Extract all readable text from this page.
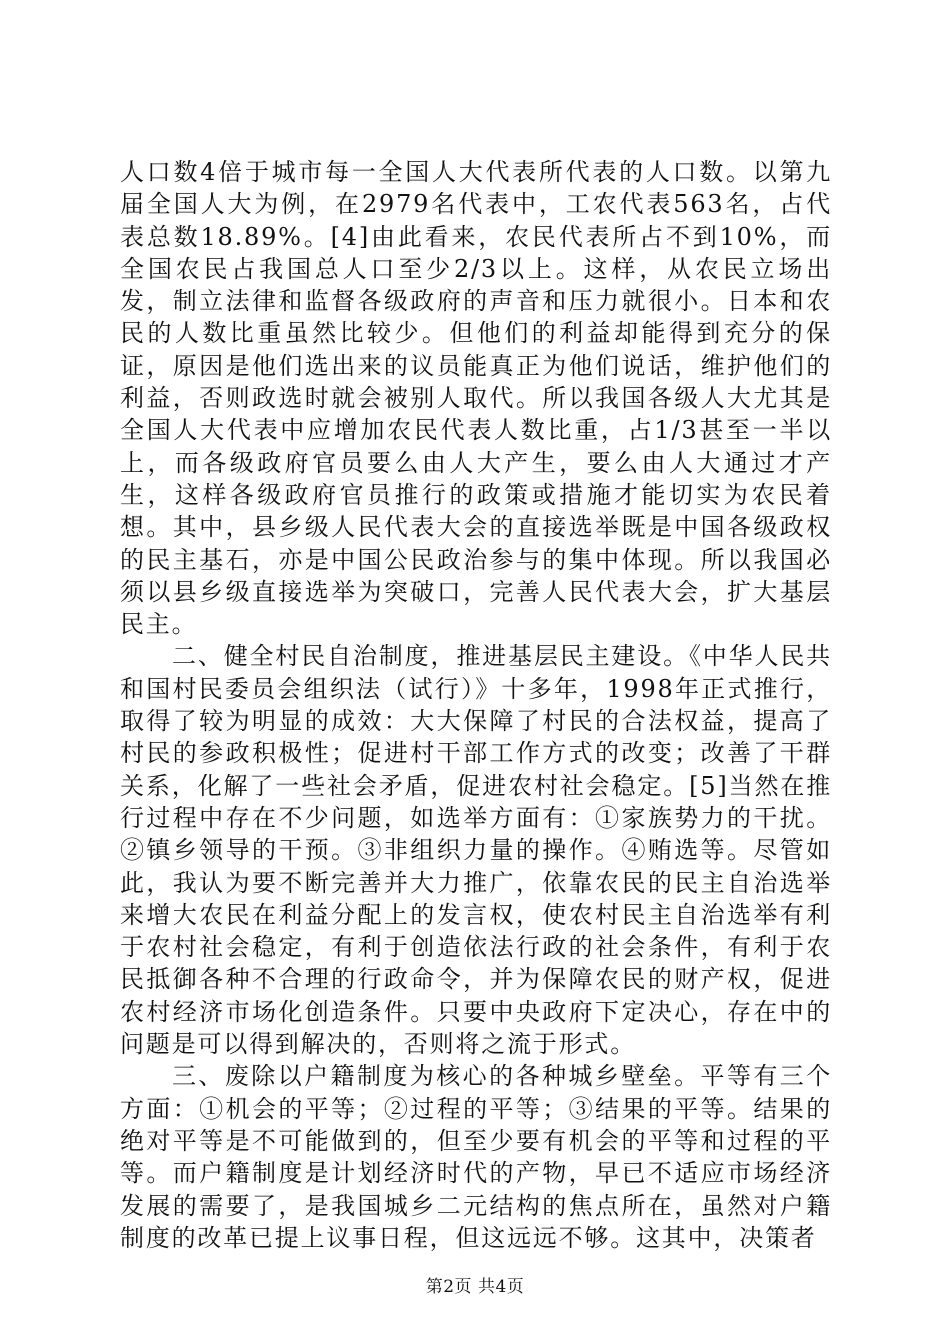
人口数4倍于城市每一全国人大代表所代表的人口数。以第九届全国人大为例，在2979名代表中，工农代表563名，占代表总数18.89%。[4]由此看来，农民代表所占不到10%，而全国农民占我国总人口至少2/3以上。这样，从农民立场出发，制立法律和监督各级政府的声音和压力就很小。日本和农民的人数比重虽然比较少。但他们的利益却能得到充分的保证，原因是他们选出来的议员能真正为他们说话，维护他们的利益，否则政选时就会被别人取代。所以我国各级人大尤其是全国人大代表中应增加农民代表人数比重，占1/3甚至一半以上，而各级政府官员要么由人大产生，要么由人大通过才产生，这样各级政府官员推行的政策或措施才能切实为农民着想。其中，县乡级人民代表大会的直接选举既是中国各级政权的民主基石，亦是中国公民政治参与的集中体现。所以我国必须以县乡级直接选举为突破口，完善人民代表大会，扩大基层民主。

二、健全村民自治制度，推进基层民主建设。《中华人民共和国村民委员会组织法（试行）》十多年，1998年正式推行，取得了较为明显的成效：大大保障了村民的合法权益，提高了村民的参政积极性；促进村干部工作方式的改变；改善了干群关系，化解了一些社会矛盾，促进农村社会稳定。[5]当然在推行过程中存在不少问题，如选举方面有：①家族势力的干扰。②镇乡领导的干预。③非组织力量的操作。④贿选等。尽管如此，我认为要不断完善并大力推广，依靠农民的民主自治选举来增大农民在利益分配上的发言权，使农村民主自治选举有利于农村社会稳定，有利于创造依法行政的社会条件，有利于农民抵御各种不合理的行政命令，并为保障农民的财产权，促进农村经济市场化创造条件。只要中央政府下定决心，存在中的问题是可以得到解决的，否则将之流于形式。

三、废除以户籍制度为核心的各种城乡壁垒。平等有三个方面：①机会的平等；②过程的平等；③结果的平等。结果的绝对平等是不可能做到的，但至少要有机会的平等和过程的平等。而户籍制度是计划经济时代的产物，早已不适应市场经济发展的需要了，是我国城乡二元结构的焦点所在，虽然对户籍制度的改革已提上议事日程，但这远远不够。这其中，决策者

第2页 共4页
